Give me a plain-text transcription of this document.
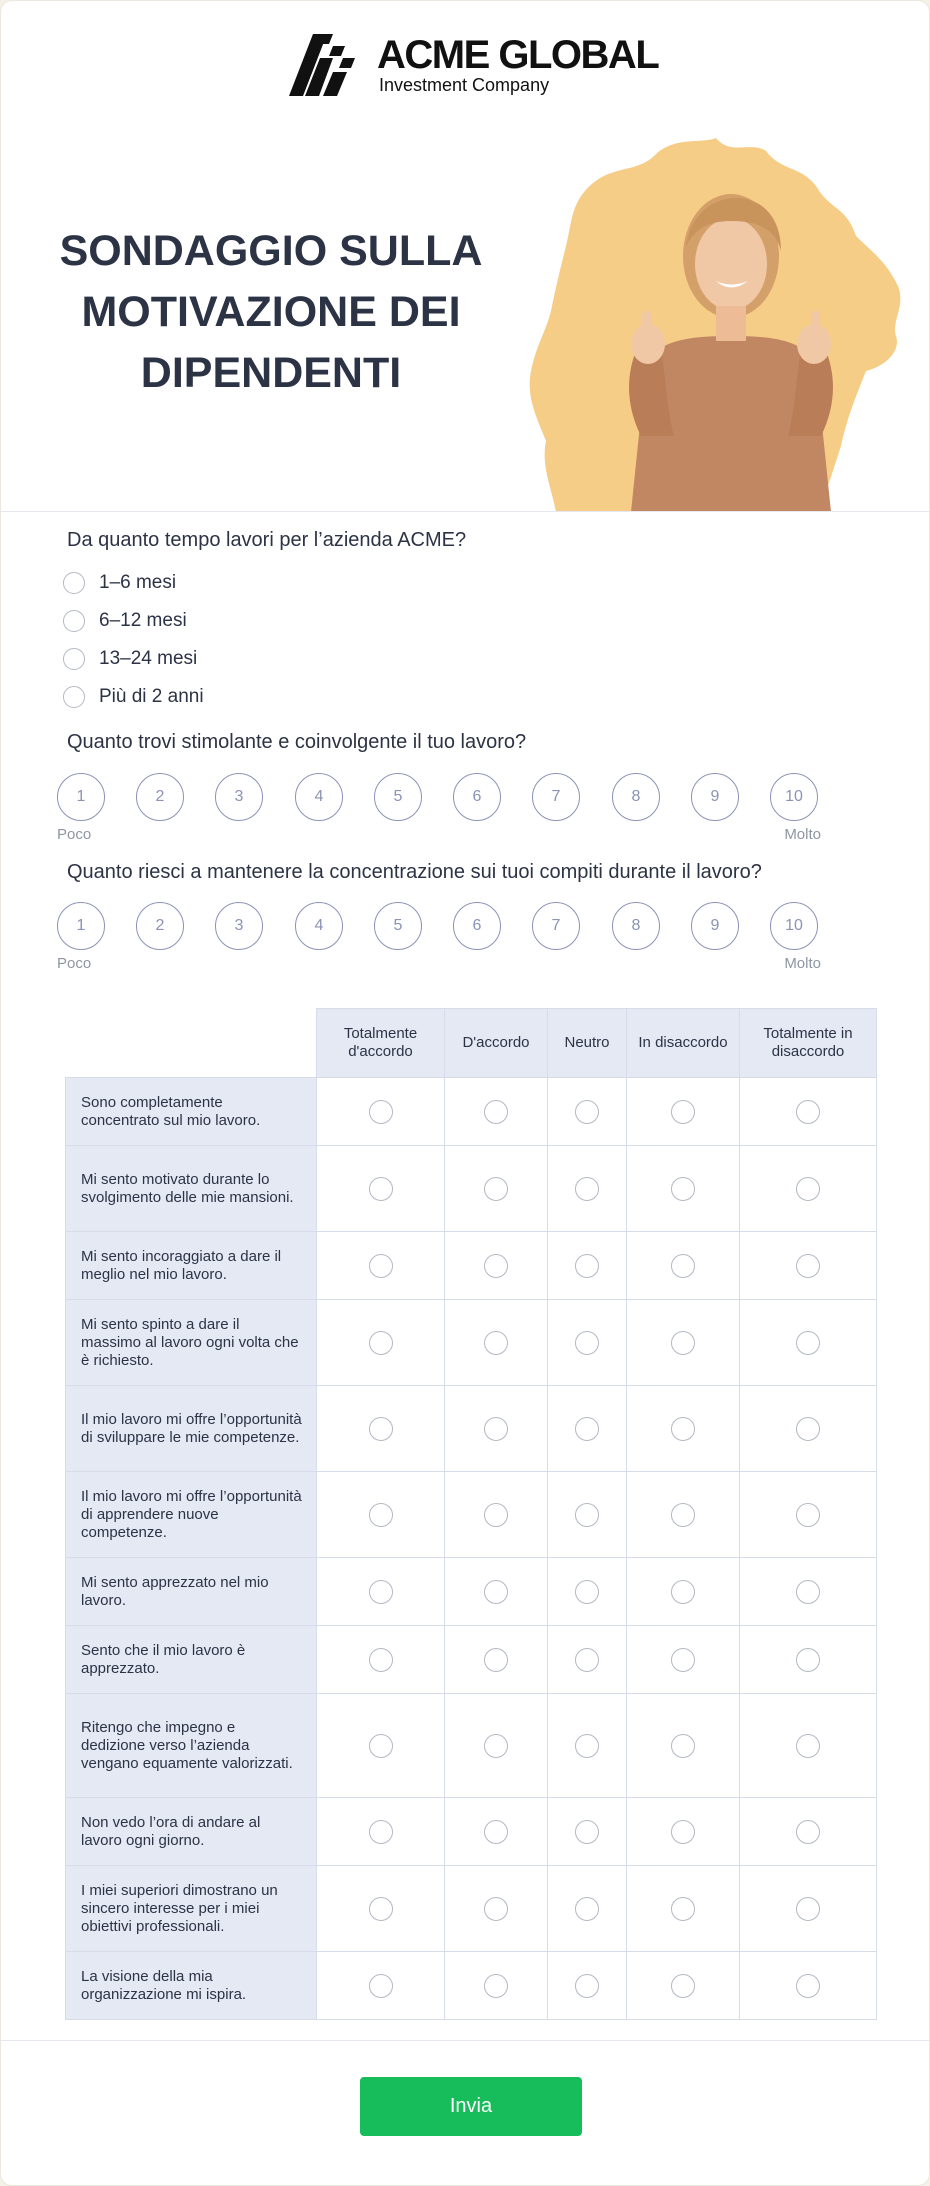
ACME GLOBAL
Investment Company
SONDAGGIO SULLA MOTIVAZIONE DEI DIPENDENTI
Da quanto tempo lavori per l’azienda ACME?
1–6 mesi
6–12 mesi
13–24 mesi
Più di 2 anni
Quanto trovi stimolante e coinvolgente il tuo lavoro?
1	2	3	4	5	6	7	8	9	10
Poco	Molto
Quanto riesci a mantenere la concentrazione sui tuoi compiti durante il lavoro?
1	2	3	4	5	6	7	8	9	10
Poco	Molto
	Totalmente d'accordo	D'accordo	Neutro	In disaccordo	Totalmente in disaccordo
Sono completamente concentrato sul mio lavoro.					
Mi sento motivato durante lo svolgimento delle mie mansioni.					
Mi sento incoraggiato a dare il meglio nel mio lavoro.					
Mi sento spinto a dare il massimo al lavoro ogni volta che è richiesto.					
Il mio lavoro mi offre l’opportunità di sviluppare le mie competenze.					
Il mio lavoro mi offre l’opportunità di apprendere nuove competenze.					
Mi sento apprezzato nel mio lavoro.					
Sento che il mio lavoro è apprezzato.					
Ritengo che impegno e dedizione verso l’azienda vengano equamente valorizzati.					
Non vedo l’ora di andare al lavoro ogni giorno.					
I miei superiori dimostrano un sincero interesse per i miei obiettivi professionali.					
La visione della mia organizzazione mi ispira.					
Invia
